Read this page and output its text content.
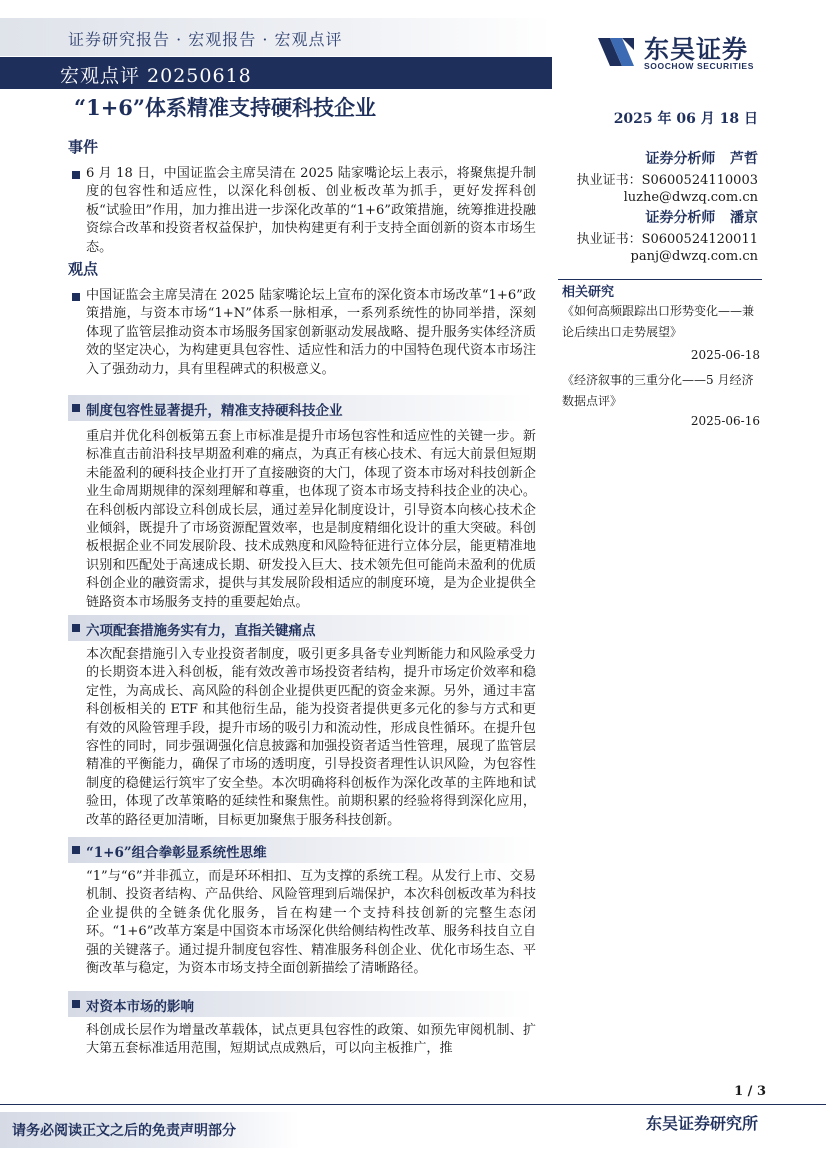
证券研究报告 · 宏观报告 · 宏观点评
宏观点评 20250618
“1+6”体系精准支持硬科技企业
东吴证券
SOOCHOW SECURITIES
2025 年 06 月 18 日
事件
6 月 18 日，中国证监会主席吴清在 2025 陆家嘴论坛上表示，将聚焦提升制度的包容性和适应性，以深化科创板、创业板改革为抓手，更好发挥科创板“试验田”作用，加力推出进一步深化改革的“1+6”政策措施，统筹推进投融资综合改革和投资者权益保护，加快构建更有利于支持全面创新的资本市场生态。
观点
中国证监会主席吴清在 2025 陆家嘴论坛上宣布的深化资本市场改革“1+6”政策措施，与资本市场“1+N”体系一脉相承，一系列系统性的协同举措，深刻体现了监管层推动资本市场服务国家创新驱动发展战略、提升服务实体经济质效的坚定决心，为构建更具包容性、适应性和活力的中国特色现代资本市场注入了强劲动力，具有里程碑式的积极意义。
制度包容性显著提升，精准支持硬科技企业
重启并优化科创板第五套上市标准是提升市场包容性和适应性的关键一步。新标准直击前沿科技早期盈利难的痛点，为真正有核心技术、有远大前景但短期未能盈利的硬科技企业打开了直接融资的大门，体现了资本市场对科技创新企业生命周期规律的深刻理解和尊重，也体现了资本市场支持科技企业的决心。在科创板内部设立科创成长层，通过差异化制度设计，引导资本向核心技术企业倾斜，既提升了市场资源配置效率，也是制度精细化设计的重大突破。科创板根据企业不同发展阶段、技术成熟度和风险特征进行立体分层，能更精准地识别和匹配处于高速成长期、研发投入巨大、技术领先但可能尚未盈利的优质科创企业的融资需求，提供与其发展阶段相适应的制度环境，是为企业提供全链路资本市场服务支持的重要起始点。
六项配套措施务实有力，直指关键痛点
本次配套措施引入专业投资者制度，吸引更多具备专业判断能力和风险承受力的长期资本进入科创板，能有效改善市场投资者结构，提升市场定价效率和稳定性，为高成长、高风险的科创企业提供更匹配的资金来源。另外，通过丰富科创板相关的 ETF 和其他衍生品，能为投资者提供更多元化的参与方式和更有效的风险管理手段，提升市场的吸引力和流动性，形成良性循环。在提升包容性的同时，同步强调强化信息披露和加强投资者适当性管理，展现了监管层精准的平衡能力，确保了市场的透明度，引导投资者理性认识风险，为包容性制度的稳健运行筑牢了安全垫。本次明确将科创板作为深化改革的主阵地和试验田，体现了改革策略的延续性和聚焦性。前期积累的经验将得到深化应用，改革的路径更加清晰，目标更加聚焦于服务科技创新。
“1+6”组合拳彰显系统性思维
“1”与“6”并非孤立，而是环环相扣、互为支撑的系统工程。从发行上市、交易机制、投资者结构、产品供给、风险管理到后端保护，本次科创板改革为科技企业提供的全链条优化服务，旨在构建一个支持科技创新的完整生态闭环。“1+6”改革方案是中国资本市场深化供给侧结构性改革、服务科技自立自强的关键落子。通过提升制度包容性、精准服务科创企业、优化市场生态、平衡改革与稳定，为资本市场支持全面创新描绘了清晰路径。
对资本市场的影响
科创成长层作为增量改革载体，试点更具包容性的政策、如预先审阅机制、扩大第五套标准适用范围，短期试点成熟后，可以向主板推广，推
证券分析师 芦哲
执业证书：S0600524110003
luzhe@dwzq.com.cn
证券分析师 潘京
执业证书：S0600524120011
panj@dwzq.com.cn
相关研究
《如何高频跟踪出口形势变化——兼论后续出口走势展望》
2025-06-18
《经济叙事的三重分化——5 月经济数据点评》
2025-06-16
1 / 3
请务必阅读正文之后的免责声明部分	东吴证券研究所
